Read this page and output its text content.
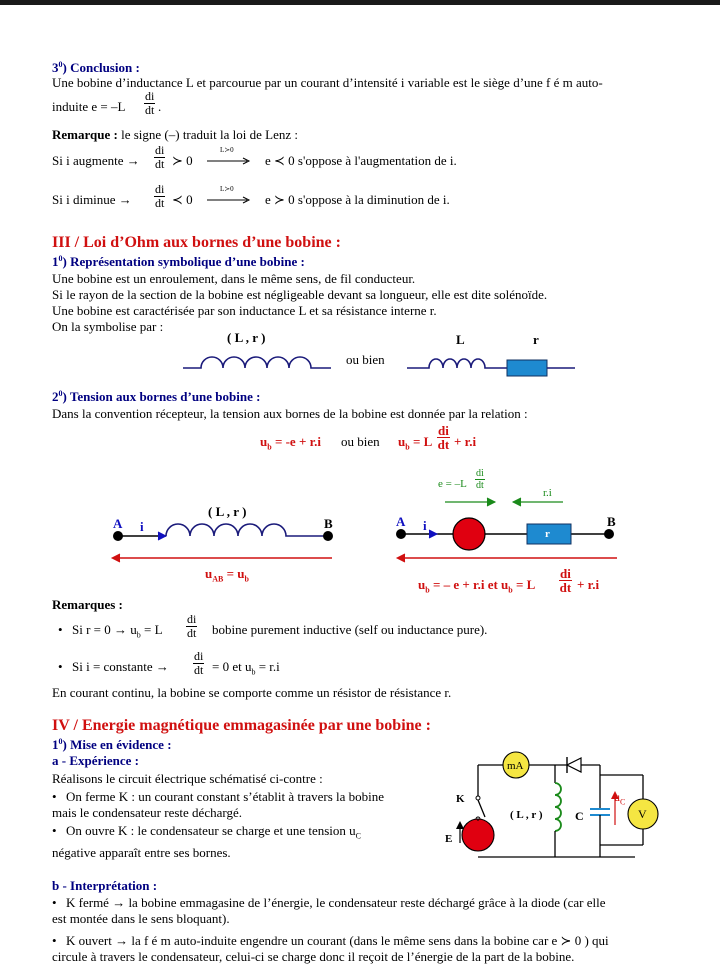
$3^0$) Conclusion :
Une bobine d’inductance L et parcourue par un courant d’intensité i variable est le siège d’une f é m auto-
induite $e = -L \frac{di}{dt}$ .
Remarque : le signe (–) traduit la loi de Lenz :
Si i augmente → $\frac{di}{dt}$ ≻ 0
L≻0
e ≺ 0 s'oppose à l'augmentation de i.
Si i diminue → $\frac{di}{dt}$ ≺ 0
L≻0
e ≻ 0 s'oppose à la diminution de i.
III / Loi d’Ohm aux bornes d’une bobine :
$1^0$) Représentation symbolique d’une bobine :
Une bobine est un enroulement, dans le même sens, de fil conducteur.
Si le rayon de la section de la bobine est négligeable devant sa longueur, elle est dite solénoïde.
Une bobine est caractérisée par son inductance L et sa résistance interne r.
On la symbolise par :
( L , r )
ou bien
L	r
$2^0$) Tension aux bornes d’une bobine :
Dans la convention récepteur, la tension aux bornes de la bobine est donnée par la relation :
$u_b = -e + r.i$ ou bien $u_b = L \frac{di}{dt} + r.i$
A i
( L , r )
B
$u_{AB} = u_b$
$e = -L \frac{di}{dt}$
r.i
A i
r
B
$u_b$ = – e + r.i et $u_b = L \frac{di}{dt} + r.i$
Remarques :
• Si $r = 0 \to u_b = L \frac{di}{dt}$ bobine purement inductive (self ou inductance pure).
• Si i = constante → $\frac{di}{dt} = 0$ et $u_b = r.i$
En courant continu, la bobine se comporte comme un résistor de résistance r.
IV / Energie magnétique emmagasinée par une bobine :
$1^0$) Mise en évidence :
a - Expérience :
Réalisons le circuit électrique schématisé ci-contre :
• On ferme K : un courant constant s’établit à travers la bobine
mais le condensateur reste déchargé.
• On ouvre K : le condensateur se charge et une tension $u_C$
négative apparaît entre ses bornes.
mA
K
E
( L , r )	C
$u_C$
V
b - Interprétation :
• K fermé → la bobine emmagasine de l’énergie, le condensateur reste déchargé grâce à la diode (car elle
est montée dans le sens bloquant).
• K ouvert → la f é m auto-induite engendre un courant (dans le même sens dans la bobine car e ≻ 0 ) qui
circule à travers le condensateur, celui-ci se charge donc il reçoit de l’énergie de la part de la bobine.
